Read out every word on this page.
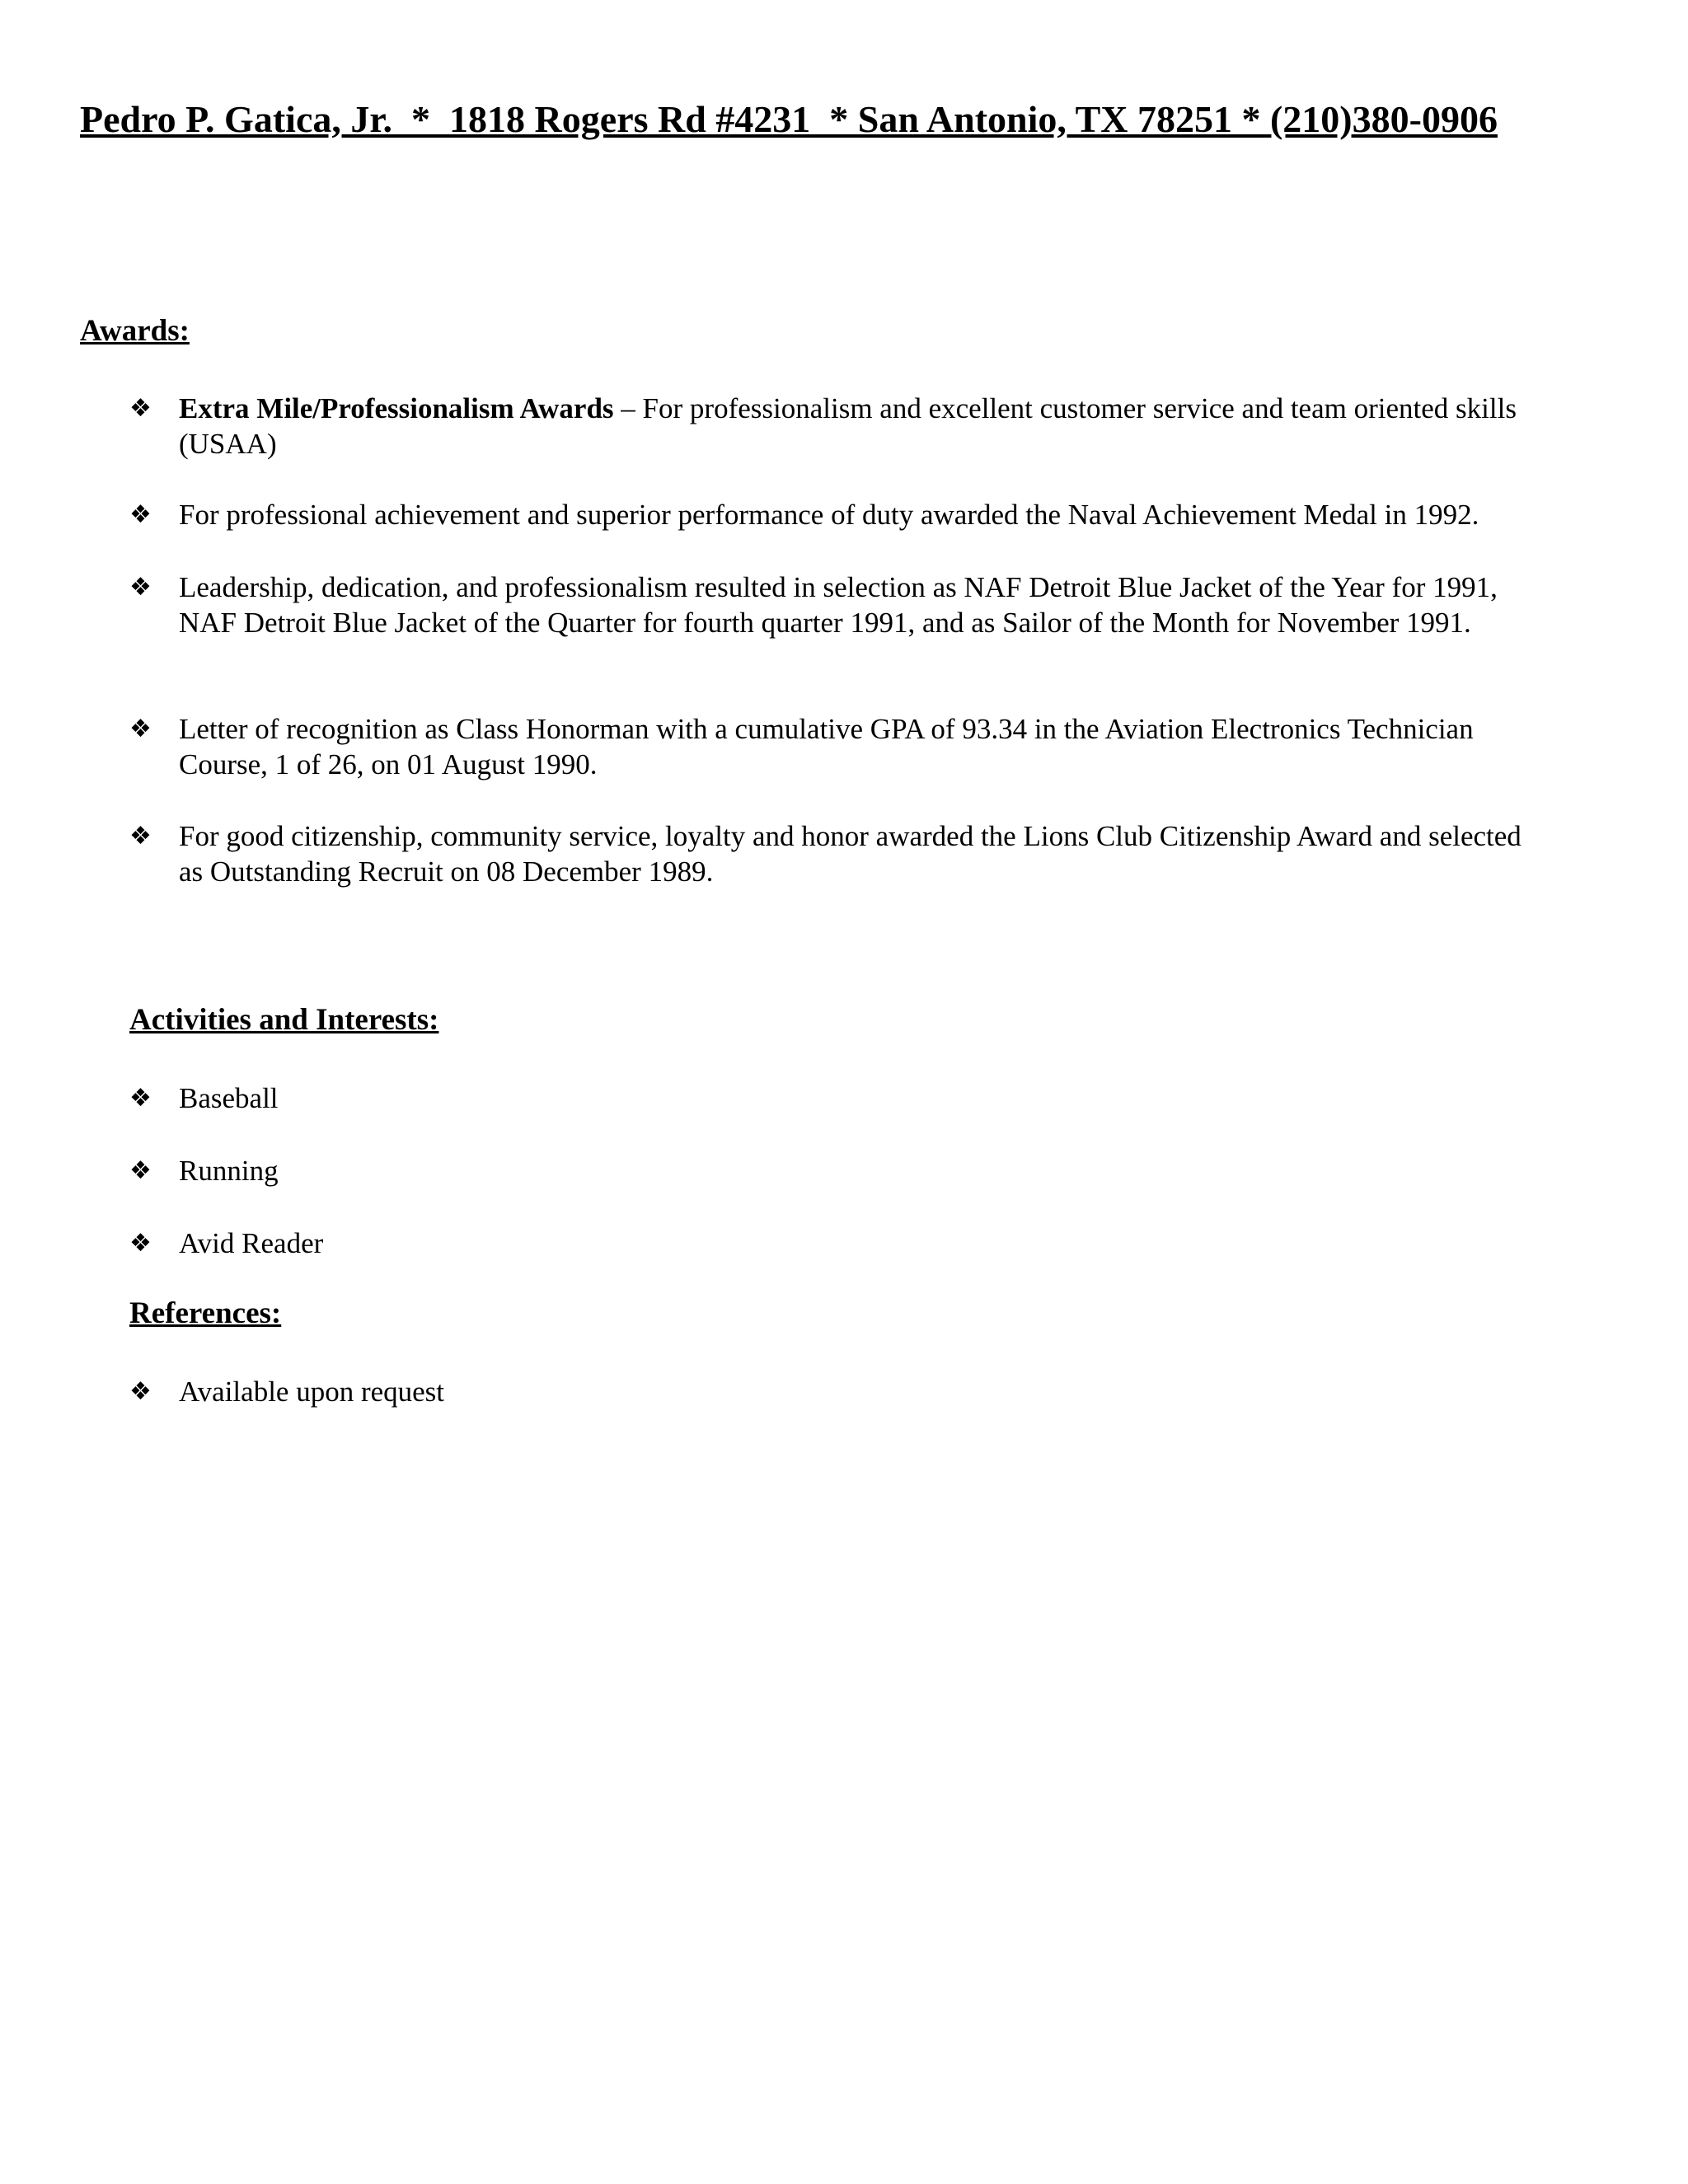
Pedro P. Gatica, Jr.  *  1818 Rogers Rd #4231  * San Antonio, TX 78251 * (210)380-0906
Awards:
❖ Extra Mile/Professionalism Awards – For professionalism and excellent customer service and team oriented skills (USAA)
❖ For professional achievement and superior performance of duty awarded the Naval Achievement Medal in 1992.
❖ Leadership, dedication, and professionalism resulted in selection as NAF Detroit Blue Jacket of the Year for 1991, NAF Detroit Blue Jacket of the Quarter for fourth quarter 1991, and as Sailor of the Month for November 1991.
❖ Letter of recognition as Class Honorman with a cumulative GPA of 93.34 in the Aviation Electronics Technician Course, 1 of 26, on 01 August 1990.
❖ For good citizenship, community service, loyalty and honor awarded the Lions Club Citizenship Award and selected as Outstanding Recruit on 08 December 1989.
Activities and Interests:
❖ Baseball
❖ Running
❖ Avid Reader
References:
❖ Available upon request
